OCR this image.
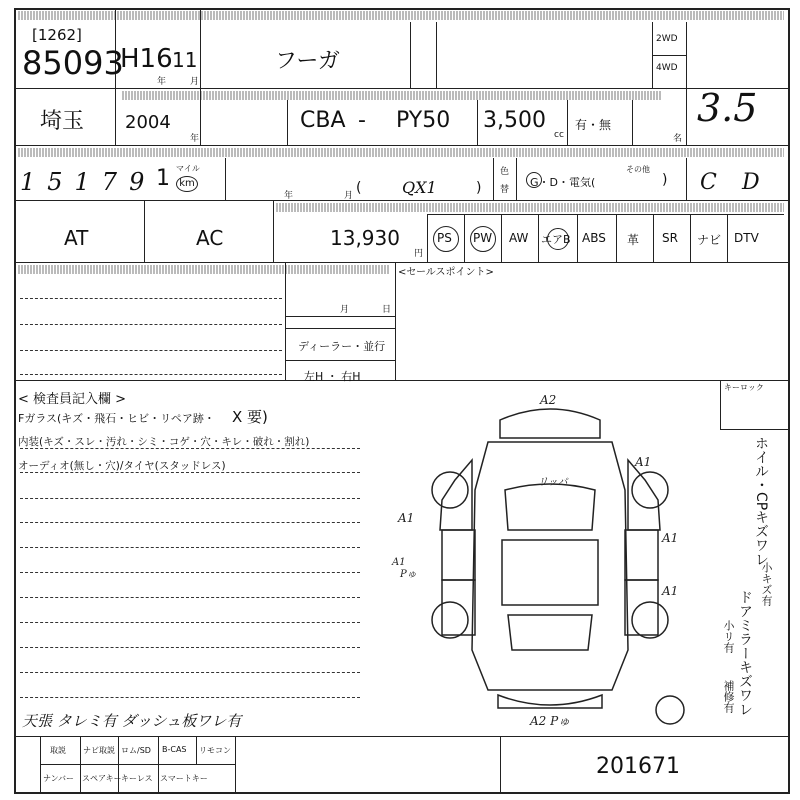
[1262]
85093
H16 11
年	月
フーガ
2WD
4WD
埼玉 2004
年
CBA - PY50 3,500
cc
有・無
名
3.5
15179 1 マイル
km
年	月 (	QX1	)
色
替
G・D・電気(
その他
) C D
AT	AC	13,930
円
PS PW AW エアB ABS 革 SR ナビ DTV
<セールスポイント>
月	日
ディーラー・並行
左H ・ 右H
< 検査員記入欄 >
Fガラス(キズ・飛石・ヒビ・リペア跡・ X 要)
内装(キズ・スレ・汚れ・シミ・コゲ・穴・キレ・破れ・割れ)
オーディオ(無し・穴)/タイヤ(スタッドレス)
天張 タレミ有 ダッシュ板ワレ有
A2
A1
リッパ
A1
A1
Pゅ
A1
A1
A2 Pゅ
キーロック
ホイル・CPキズワレ
ドアミラーキズワレ
小キズ有
小リ有
補修有
取説 ナビ取説 ロム/SD B-CAS リモコン
ナンバー スペアキー キーレス スマートキー	201671
